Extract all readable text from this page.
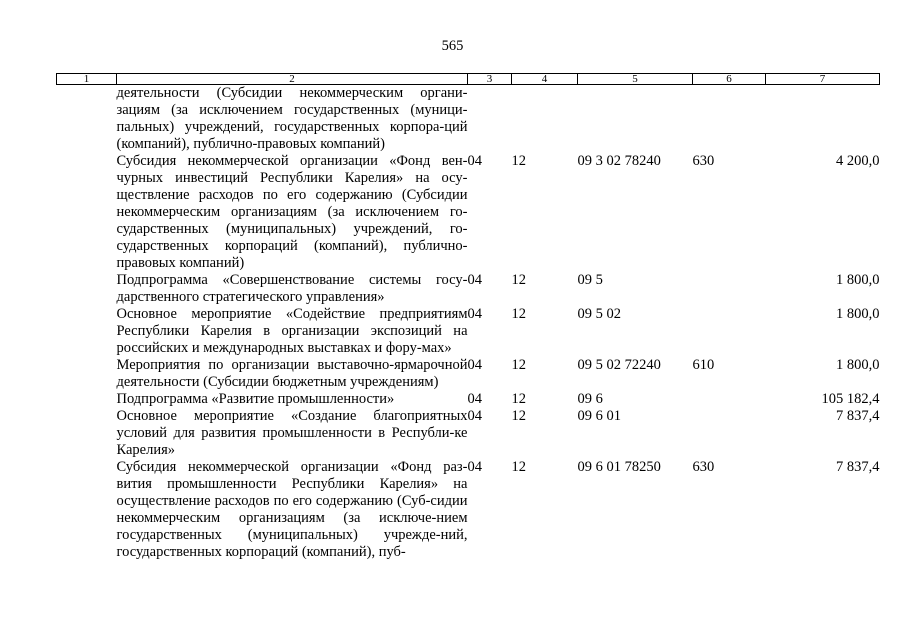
565
1	2	3	4	5	6	7
	деятельности (Субсидии некоммерческим органи-зациям (за исключением государственных (муници-пальных) учреждений, государственных корпора-ций (компаний), публично-правовых компаний)					
	Субсидия некоммерческой организации «Фонд вен-чурных инвестиций Республики Карелия» на осу-ществление расходов по его содержанию (Субсидии некоммерческим организациям (за исключением го-сударственных (муниципальных) учреждений, го-сударственных корпораций (компаний), публично-правовых компаний)	04	12	09 3 02 78240	630	4 200,0
	Подпрограмма «Совершенствование системы госу-дарственного стратегического управления»	04	12	09 5		1 800,0
	Основное мероприятие «Содействие предприятиям Республики Карелия в организации экспозиций на российских и международных выставках и фору-мах»	04	12	09 5 02		1 800,0
	Мероприятия по организации выставочно-ярмарочной деятельности (Субсидии бюджетным учреждениям)	04	12	09 5 02 72240	610	1 800,0
	Подпрограмма «Развитие промышленности»	04	12	09 6		105 182,4
	Основное мероприятие «Создание благоприятных условий для развития промышленности в Республи-ке Карелия»	04	12	09 6 01		7 837,4
	Субсидия некоммерческой организации «Фонд раз-вития промышленности Республики Карелия» на осуществление расходов по его содержанию (Суб-сидии некоммерческим организациям (за исключе-нием государственных (муниципальных) учрежде-ний, государственных корпораций (компаний), пуб-	04	12	09 6 01 78250	630	7 837,4
